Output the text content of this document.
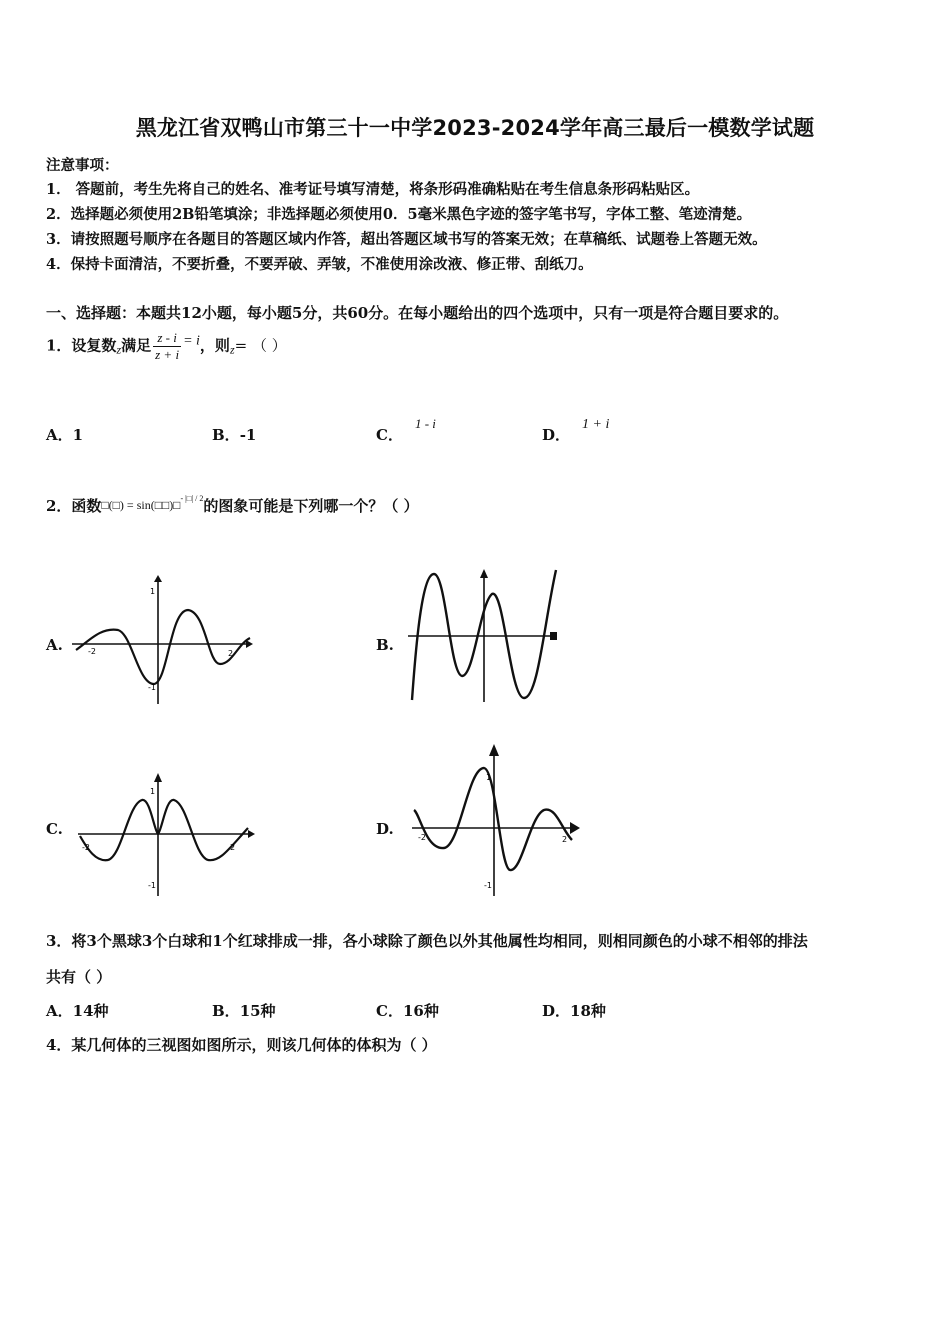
黑龙江省双鸭山市第三十一中学2023-2024学年高三最后一模数学试题
注意事项：
1． 答题前，考生先将自己的姓名、准考证号填写清楚，将条形码准确粘贴在考生信息条形码粘贴区。
2．选择题必须使用2B铅笔填涂；非选择题必须使用0．5毫米黑色字迹的签字笔书写，字体工整、笔迹清楚。
3．请按照题号顺序在各题目的答题区域内作答，超出答题区域书写的答案无效；在草稿纸、试题卷上答题无效。
4．保持卡面清洁，不要折叠，不要弄破、弄皱，不准使用涂改液、修正带、刮纸刀。
一、选择题：本题共12小题，每小题5分，共60分。在每小题给出的四个选项中，只有一项是符合题目要求的。
1．设复数$_z$满足 $\frac{z - i}{z + i} = i$，则$_z$= （ ）
A．1	B．-1	C．1 - i
D．1 + i
2．函数□(□) = sin(□□)□$^{- |□| / 2}$的图象可能是下列哪一个？（ ）
A.	-2	2
1
-1
B.
C.
-2	2
1
-1
D.	-2	2
1
-1
3．将3个黑球3个白球和1个红球排成一排，各小球除了颜色以外其他属性均相同，则相同颜色的小球不相邻的排法
共有（ ）
A．14种	B．15种	C．16种	D．18种
4．某几何体的三视图如图所示，则该几何体的体积为（ ）
